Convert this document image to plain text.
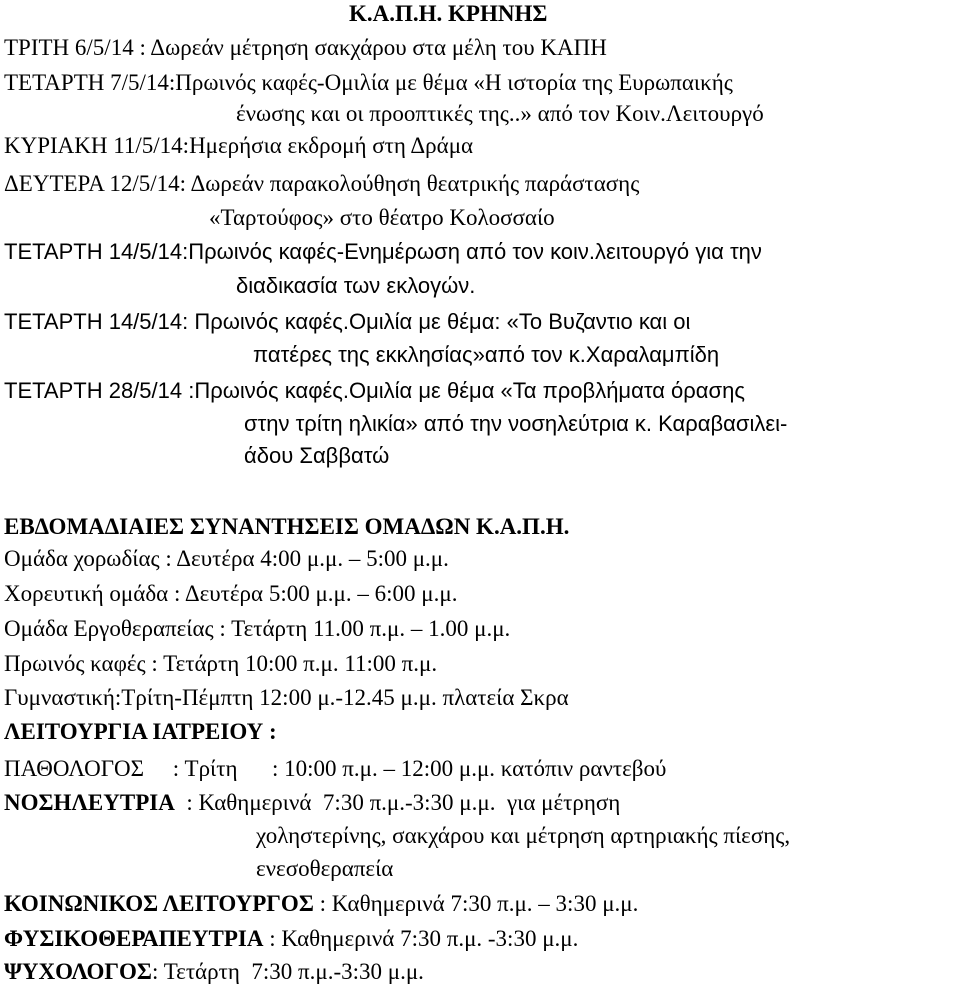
Κ.Α.Π.Η. ΚΡΗΝΗΣ
ΤΡΙΤΗ 6/5/14 : Δωρεάν μέτρηση σακχάρου στα μέλη του ΚΑΠΗ
ΤΕΤΑΡΤΗ 7/5/14:Πρωινός καφές-Ομιλία με θέμα «Η ιστορία της Ευρωπαικής
ένωσης και οι προοπτικές της..» από τον Κοιν.Λειτουργό
ΚΥΡΙΑΚΗ 11/5/14:Ημερήσια εκδρομή στη Δράμα
ΔΕΥΤΕΡΑ 12/5/14: Δωρεάν παρακολούθηση θεατρικής παράστασης
«Ταρτούφος» στο θέατρο Κολοσσαίο
ΤΕΤΑΡΤΗ 14/5/14:Πρωινός καφές-Ενημέρωση από τον κοιν.λειτουργό για την
διαδικασία των εκλογών.
ΤΕΤΑΡΤΗ 14/5/14: Πρωινός καφές.Ομιλία με θέμα: «Το Βυζαντιο και οι
πατέρες της εκκλησίας»από τον κ.Χαραλαμπίδη
ΤΕΤΑΡΤΗ 28/5/14 :Πρωινός καφές.Ομιλία με θέμα «Τα προβλήματα όρασης
στην τρίτη ηλικία» από την νοσηλεύτρια κ. Καραβασιλει-
άδου Σαββατώ
ΕΒΔΟΜΑΔΙΑΙΕΣ ΣΥΝΑΝΤΗΣΕΙΣ ΟΜΑΔΩΝ Κ.Α.Π.Η.
Ομάδα χορωδίας : Δευτέρα 4:00 μ.μ. – 5:00 μ.μ.
Χορευτική ομάδα : Δευτέρα 5:00 μ.μ. – 6:00 μ.μ.
Ομάδα Εργοθεραπείας : Τετάρτη 11.00 π.μ. – 1.00 μ.μ.
Πρωινός καφές : Τετάρτη 10:00 π.μ. 11:00 π.μ.
Γυμναστική:Τρίτη-Πέμπτη 12:00 μ.-12.45 μ.μ. πλατεία Σκρα
ΛΕΙΤΟΥΡΓΙΑ ΙΑΤΡΕΙΟΥ :
ΠΑΘΟΛΟΓΟΣ     : Τρίτη      : 10:00 π.μ. – 12:00 μ.μ. κατόπιν ραντεβού
ΝΟΣΗΛΕΥΤΡΙΑ  : Καθημερινά  7:30 π.μ.-3:30 μ.μ.  για μέτρηση
χοληστερίνης, σακχάρου και μέτρηση αρτηριακής πίεσης,
ενεσοθεραπεία
ΚΟΙΝΩΝΙΚΟΣ ΛΕΙΤΟΥΡΓΟΣ : Καθημερινά 7:30 π.μ. – 3:30 μ.μ.
ΦΥΣΙΚΟΘΕΡΑΠΕΥΤΡΙΑ : Καθημερινά 7:30 π.μ. -3:30 μ.μ.
ΨΥΧΟΛΟΓΟΣ: Τετάρτη  7:30 π.μ.-3:30 μ.μ.
